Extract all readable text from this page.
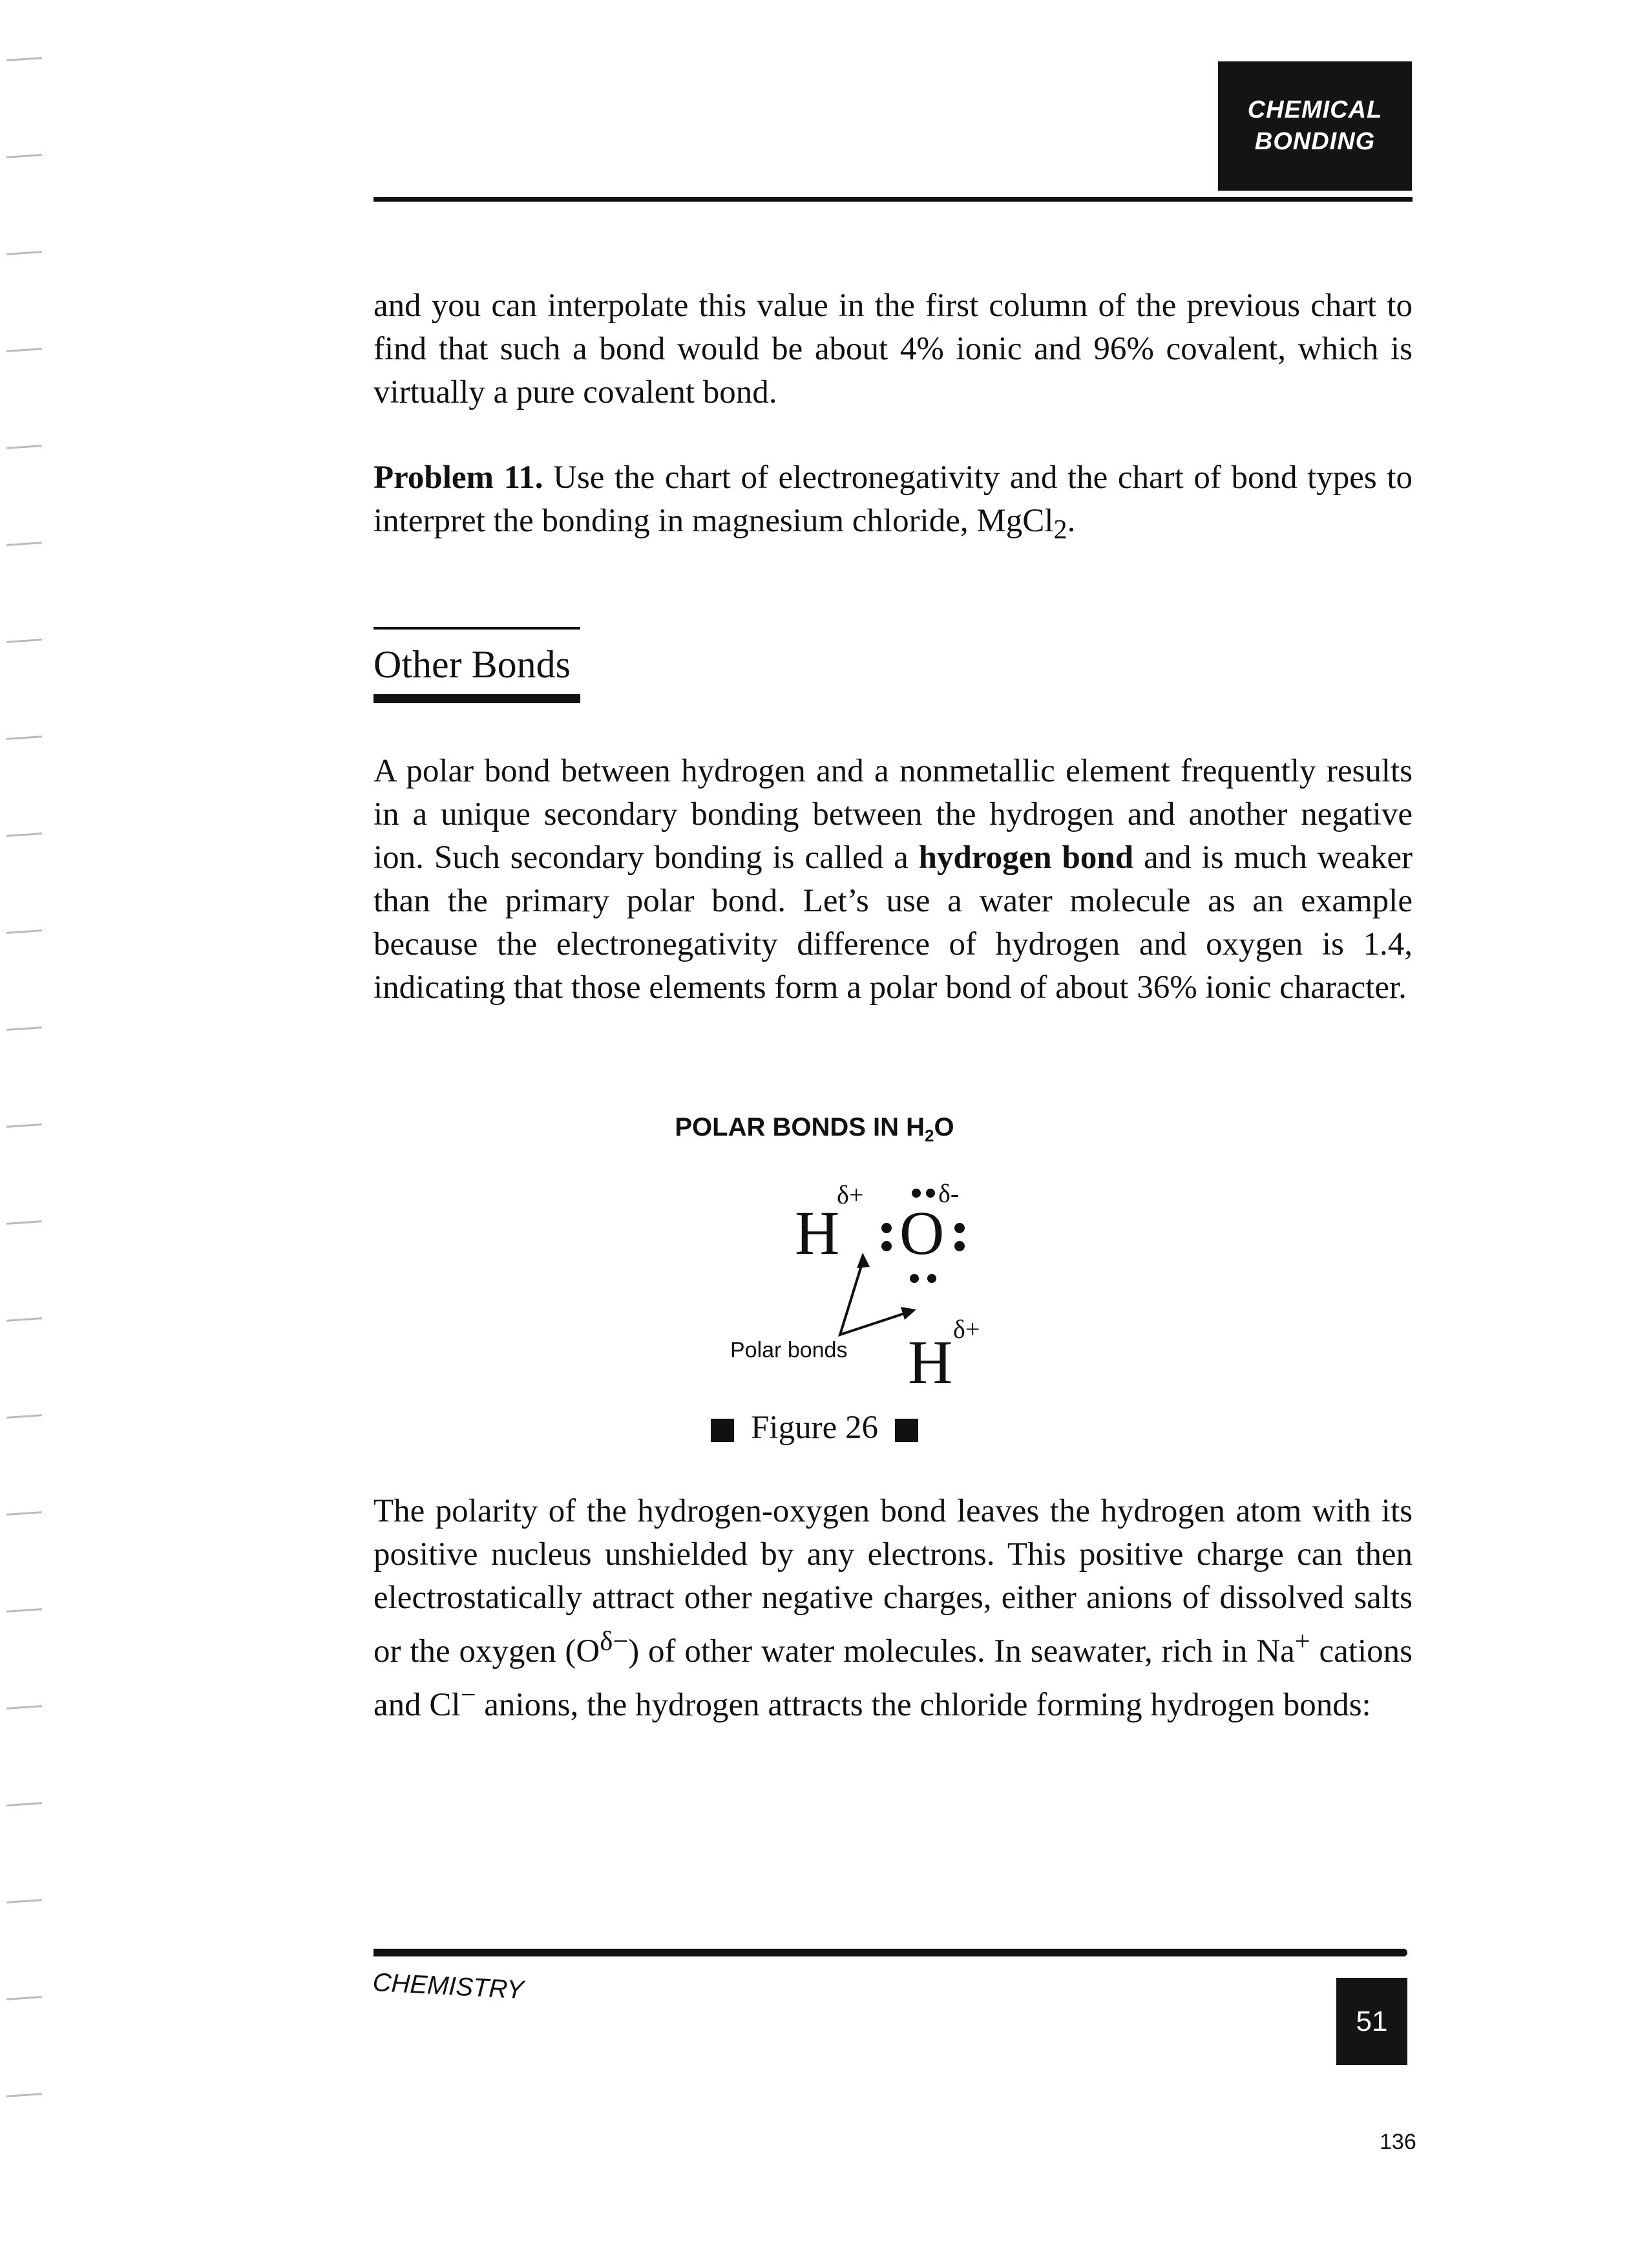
CHEMICAL
BONDING
and you can interpolate this value in the first column of the previous chart to find that such a bond would be about 4% ionic and 96% covalent, which is virtually a pure covalent bond.
Problem 11. Use the chart of electronegativity and the chart of bond types to interpret the bonding in magnesium chloride, MgCl$_2$.
Other Bonds
A polar bond between hydrogen and a nonmetallic element frequently results in a unique secondary bonding between the hydrogen and another negative ion. Such secondary bonding is called a hydrogen bond and is much weaker than the primary polar bond. Let’s use a water molecule as an example because the electronegativity difference of hydrogen and oxygen is 1.4, indicating that those elements form a polar bond of about 36% ionic character.
POLAR BONDS IN $H_2O$
H
δ+
O
δ-
H δ+
Polar bonds
Figure 26
The polarity of the hydrogen-oxygen bond leaves the hydrogen atom with its positive nucleus unshielded by any electrons. This positive charge can then electrostatically attract other negative charges, either anions of dissolved salts or the oxygen $(O^{\delta-})$ of other water molecules. In seawater, rich in Na+ cations and Cl− anions, the hydrogen attracts the chloride forming hydrogen bonds:
CHEMISTRY
51
136
